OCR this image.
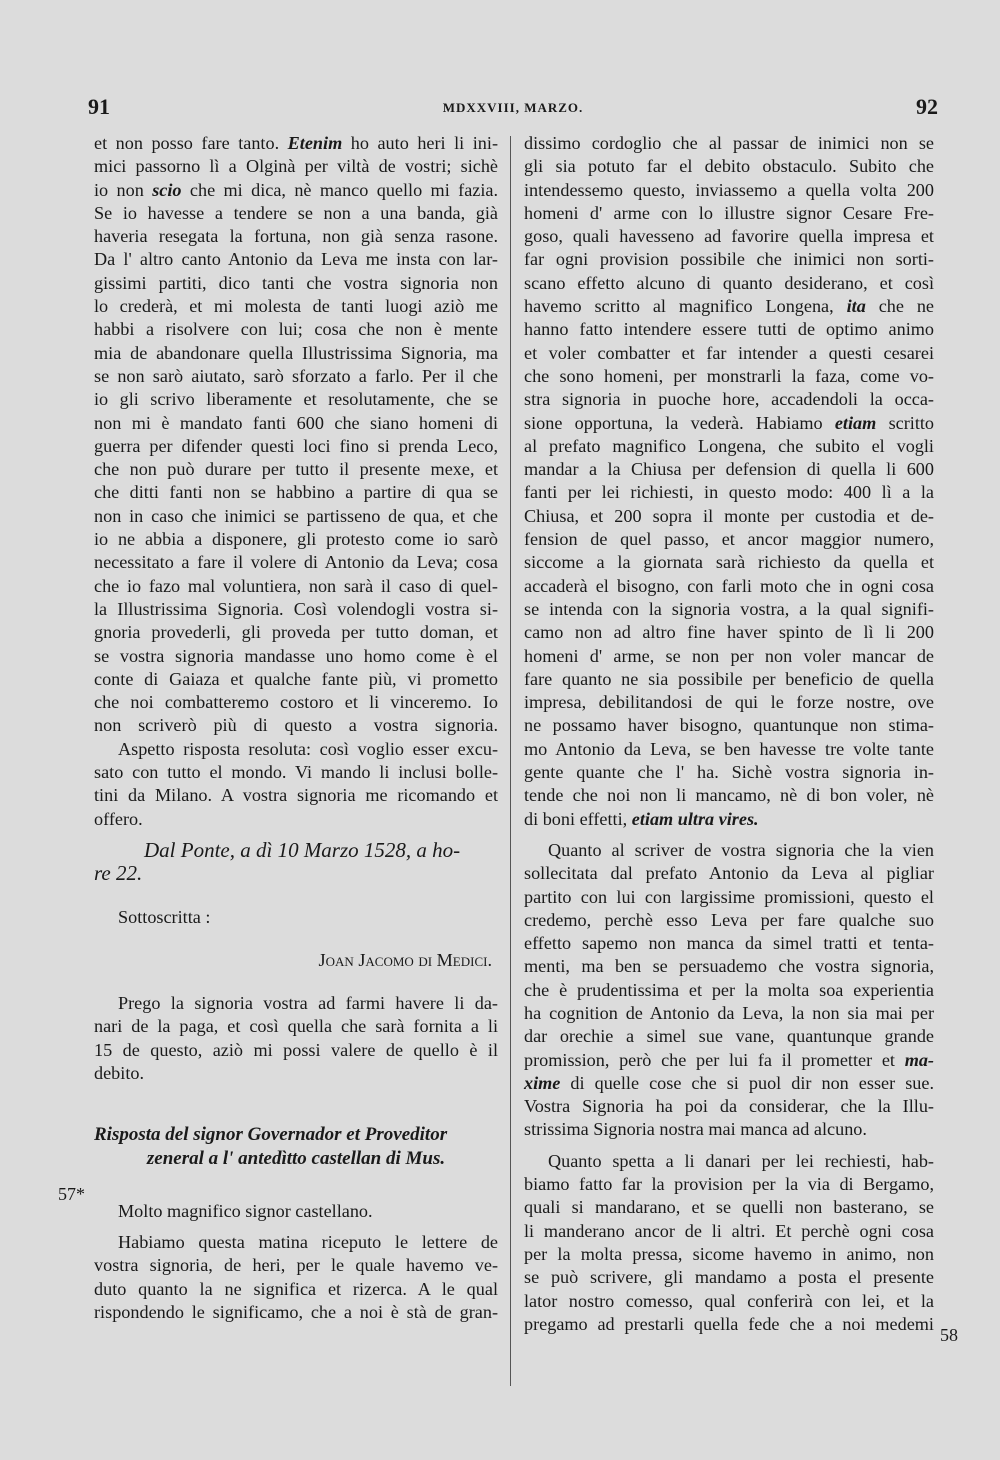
91	MDXXVIII, MARZO.	92
57*
58
et non posso fare tanto. Etenim ho auto heri li ini-
mici passorno lì a Olginà per viltà de vostri; sichè
io non scio che mi dica, nè manco quello mi fazia.
Se io havesse a tendere se non a una banda, già
haveria resegata la fortuna, non già senza rasone.
Da l' altro canto Antonio da Leva me insta con lar-
gissimi partiti, dico tanti che vostra signoria non
lo crederà, et mi molesta de tanti luogi aziò me
habbi a risolvere con lui; cosa che non è mente
mia de abandonare quella Illustrissima Signoria, ma
se non sarò aiutato, sarò sforzato a farlo. Per il che
io gli scrivo liberamente et resolutamente, che se
non mi è mandato fanti 600 che siano homeni di
guerra per difender questi loci fino si prenda Leco,
che non può durare per tutto il presente mexe, et
che ditti fanti non se habbino a partire di qua se
non in caso che inimici se partisseno de qua, et che
io ne abbia a disponere, gli protesto come io sarò
necessitato a fare il volere di Antonio da Leva; cosa
che io fazo mal voluntiera, non sarà il caso di quel-
la Illustrissima Signoria. Così volendogli vostra si-
gnoria provederli, gli proveda per tutto doman, et
se vostra signoria mandasse uno homo come è el
conte di Gaiaza et qualche fante più, vi prometto
che noi combatteremo costoro et li vinceremo. Io
non scriverò più di questo a vostra signoria.
Aspetto risposta resoluta: così voglio esser excu-
sato con tutto el mondo. Vi mando li inclusi bolle-
tini da Milano. A vostra signoria me ricomando et
offero.
Dal Ponte, a dì 10 Marzo 1528, a ho-
re 22.
Sottoscritta :
Joan Jacomo di Medici.
Prego la signoria vostra ad farmi havere li da-
nari de la paga, et così quella che sarà fornita a li
15 de questo, aziò mi possi valere de quello è il
debito.
Risposta del signor Governador et Proveditor
zeneral a l' antedìtto castellan di Mus.
Molto magnifico signor castellano.
Habiamo questa matina riceputo le lettere de
vostra signoria, de heri, per le quale havemo ve-
duto quanto la ne significa et rizerca. A le qual
rispondendo le significamo, che a noi è stà de gran-
dissimo cordoglio che al passar de inimici non se
gli sia potuto far el debito obstaculo. Subito che
intendessemo questo, inviassemo a quella volta 200
homeni d' arme con lo illustre signor Cesare Fre-
goso, quali havesseno ad favorire quella impresa et
far ogni provision possibile che inimici non sorti-
scano effetto alcuno di quanto desiderano, et così
havemo scritto al magnifico Longena, ita che ne
hanno fatto intendere essere tutti de optimo animo
et voler combatter et far intender a questi cesarei
che sono homeni, per monstrarli la faza, come vo-
stra signoria in puoche hore, accadendoli la occa-
sione opportuna, la vederà. Habiamo etiam scritto
al prefato magnifico Longena, che subito el vogli
mandar a la Chiusa per defension di quella li 600
fanti per lei richiesti, in questo modo: 400 lì a la
Chiusa, et 200 sopra il monte per custodia et de-
fension de quel passo, et ancor maggior numero,
siccome a la giornata sarà richiesto da quella et
accaderà el bisogno, con farli moto che in ogni cosa
se intenda con la signoria vostra, a la qual signifi-
camo non ad altro fine haver spinto de lì li 200
homeni d' arme, se non per non voler mancar de
fare quanto ne sia possibile per beneficio de quella
impresa, debilitandosi de qui le forze nostre, ove
ne possamo haver bisogno, quantunque non stima-
mo Antonio da Leva, se ben havesse tre volte tante
gente quante che l' ha. Sichè vostra signoria in-
tende che noi non li mancamo, nè di bon voler, nè
di boni effetti, etiam ultra vires.
Quanto al scriver de vostra signoria che la vien
sollecitata dal prefato Antonio da Leva al pigliar
partito con lui con largissime promissioni, questo el
credemo, perchè esso Leva per fare qualche suo
effetto sapemo non manca da simel tratti et tenta-
menti, ma ben se persuademo che vostra signoria,
che è prudentissima et per la molta soa experientia
ha cognition de Antonio da Leva, la non sia mai per
dar orechie a simel sue vane, quantunque grande
promission, però che per lui fa il prometter et ma-
xime di quelle cose che si puol dir non esser sue.
Vostra Signoria ha poi da considerar, che la Illu-
strissima Signoria nostra mai manca ad alcuno.
Quanto spetta a li danari per lei rechiesti, hab-
biamo fatto far la provision per la via di Bergamo,
quali si mandarano, et se quelli non basterano, se
li manderano ancor de li altri. Et perchè ogni cosa
per la molta pressa, sicome havemo in animo, non
se può scrivere, gli mandamo a posta el presente
lator nostro comesso, qual conferirà con lei, et la
pregamo ad prestarli quella fede che a noi medemi
